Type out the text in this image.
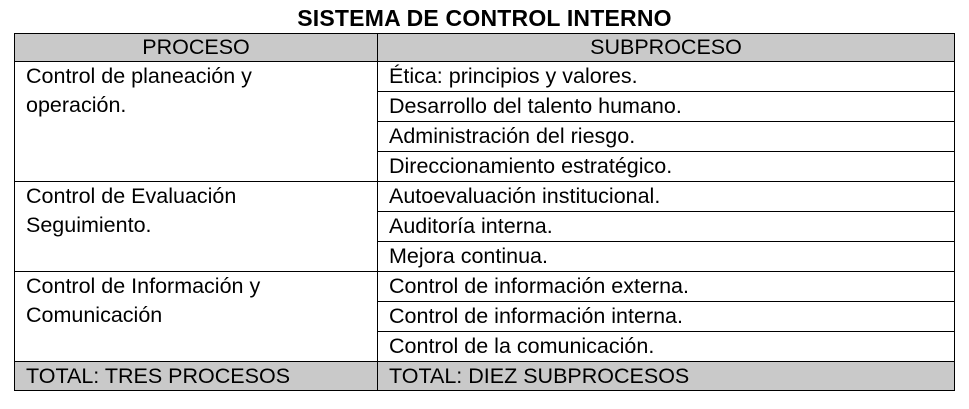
SISTEMA DE CONTROL INTERNO
PROCESO	SUBPROCESO

Control de planeación y operación.	Ética: principios y valores.
	Desarrollo del talento humano.
	Administración del riesgo.
	Direccionamiento estratégico.

Control de Evaluación Seguimiento.	Autoevaluación institucional.
	Auditoría interna.
	Mejora continua.

Control de Información y Comunicación	Control de información externa.
	Control de información interna.
	Control de la comunicación.
TOTAL: TRES PROCESOS	TOTAL: DIEZ SUBPROCESOS
